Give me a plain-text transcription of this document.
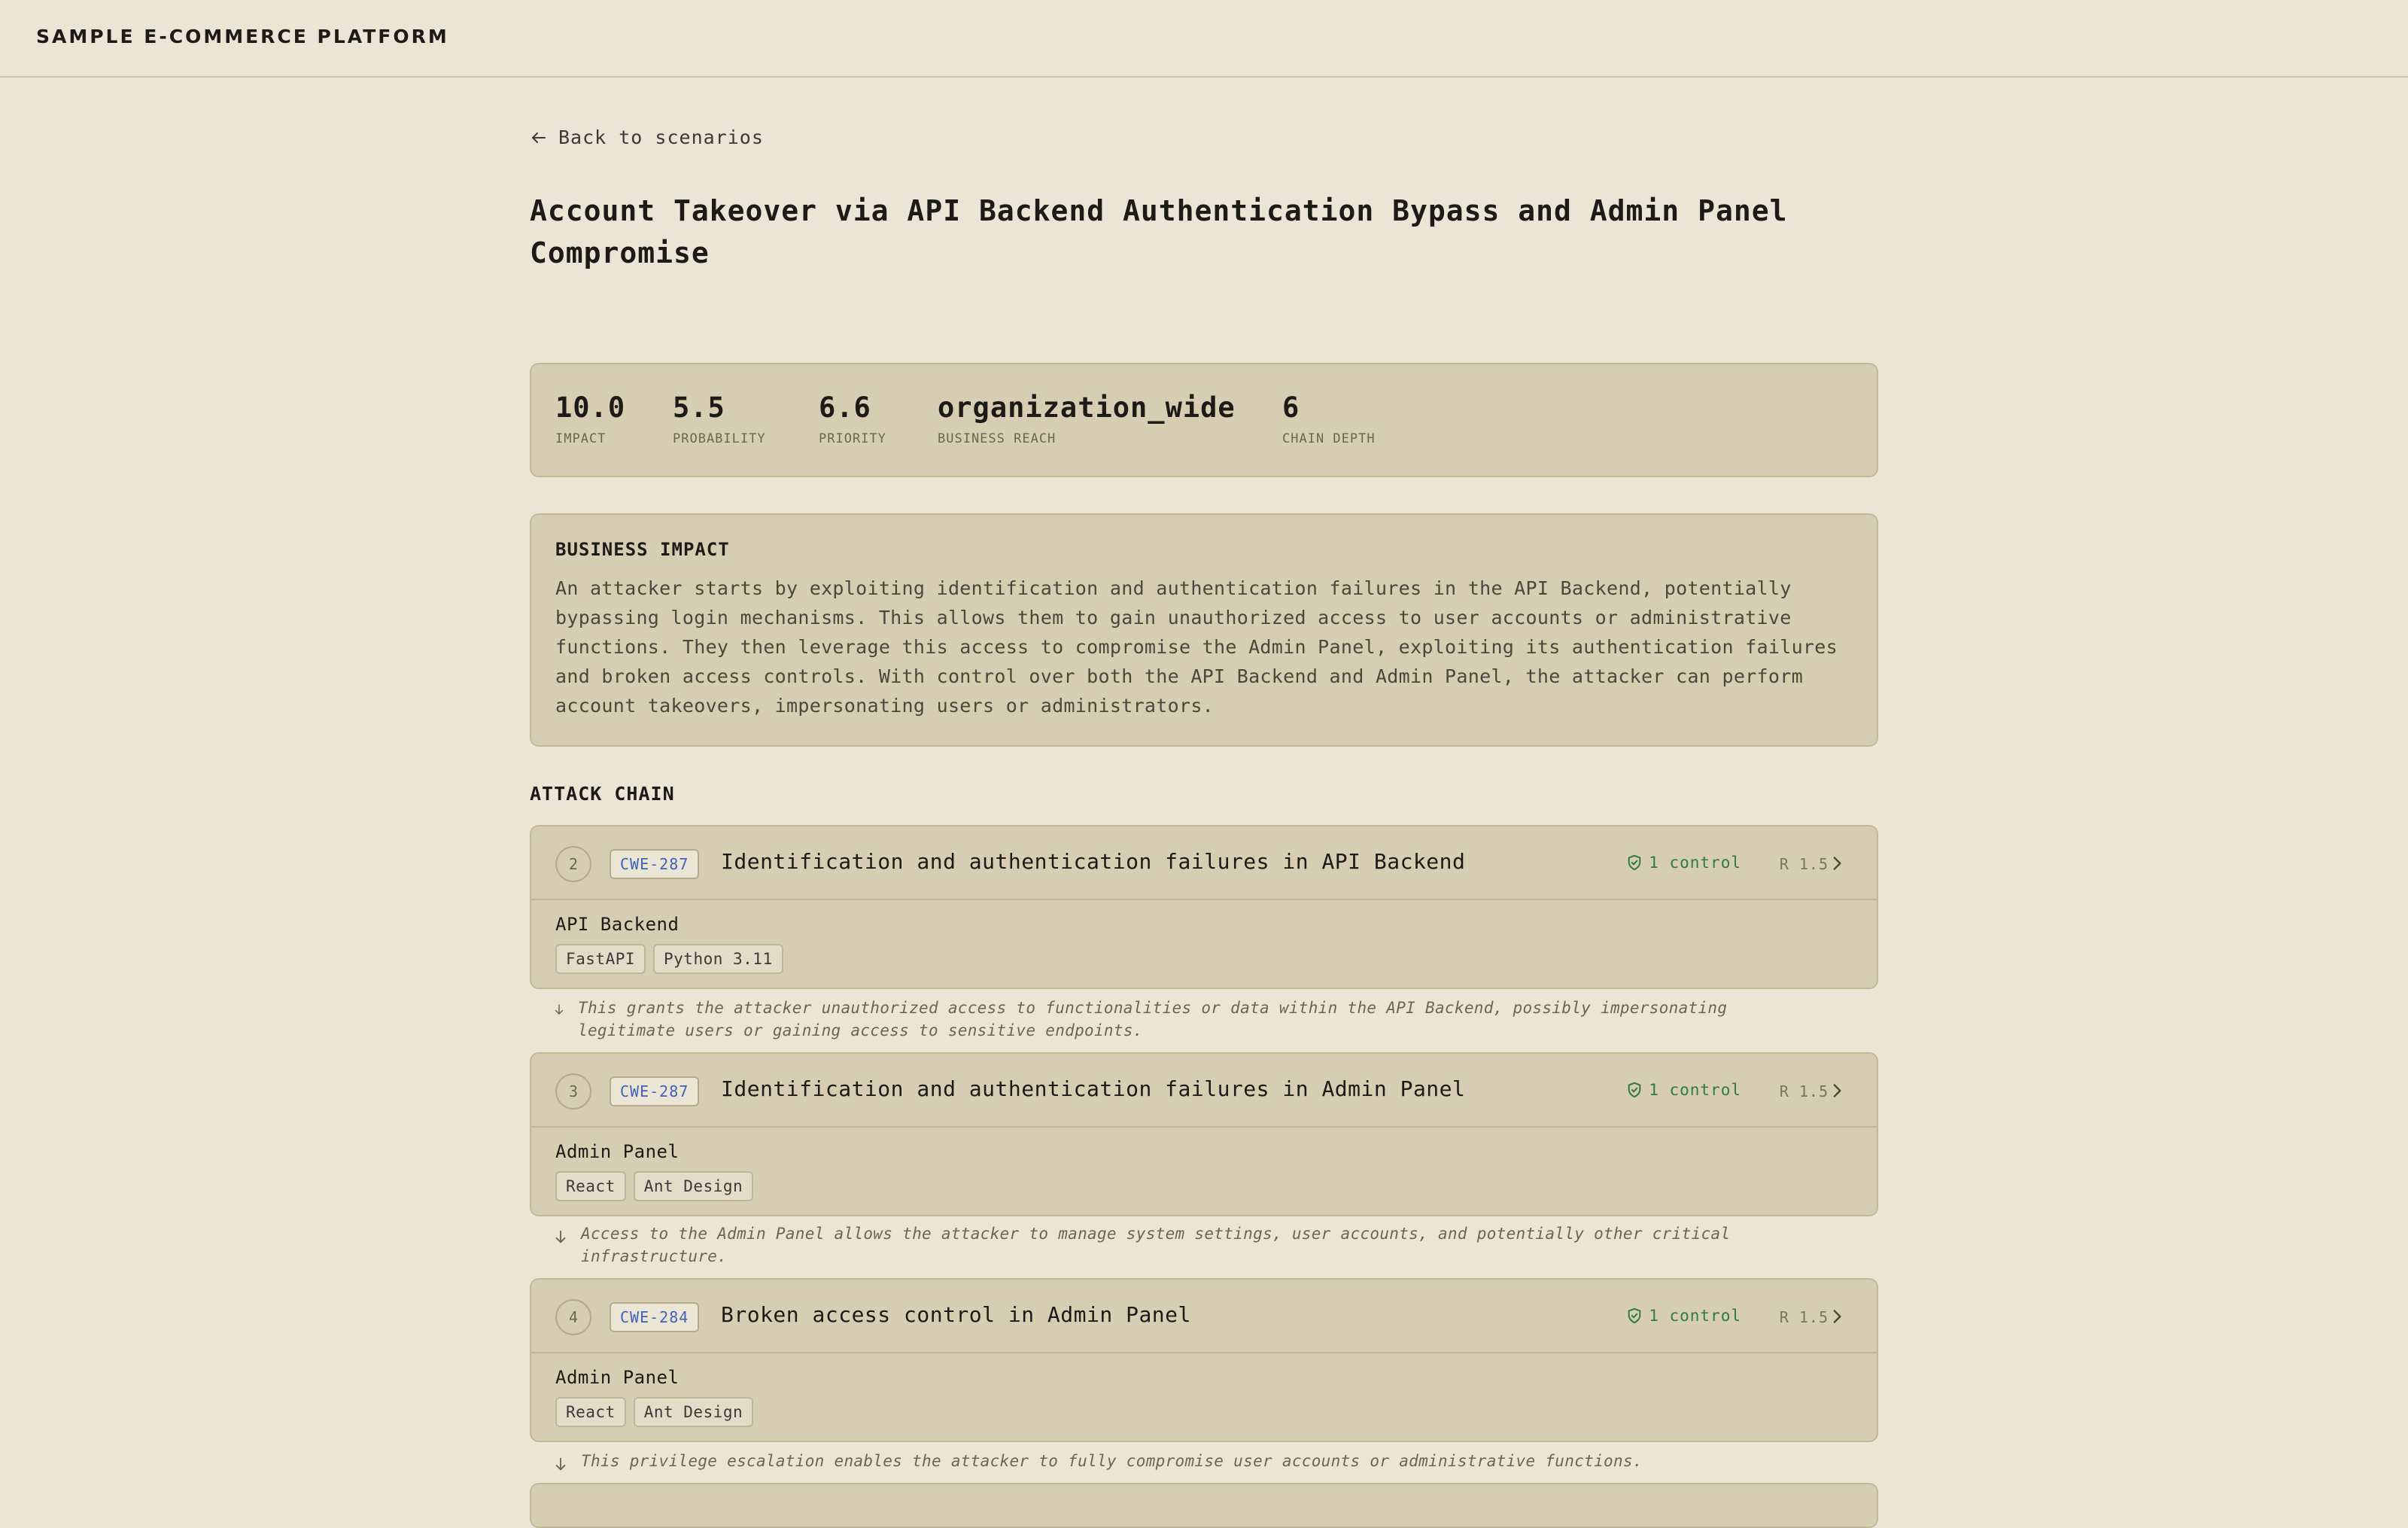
SAMPLE E-COMMERCE PLATFORM
Back to scenarios
Account Takeover via API Backend Authentication Bypass and Admin Panel Compromise
10.0
IMPACT
5.5
PROBABILITY
6.6
PRIORITY
organization_wide
BUSINESS REACH
6
CHAIN DEPTH
BUSINESS IMPACT

An attacker starts by exploiting identification and authentication failures in the API Backend, potentially bypassing login mechanisms. This allows them to gain unauthorized access to user accounts or administrative functions. They then leverage this access to compromise the Admin Panel, exploiting its authentication failures and broken access controls. With control over both the API Backend and Admin Panel, the attacker can perform account takeovers, impersonating users or administrators.

ATTACK CHAIN
2	CWE-287	Identification and authentication failures in API Backend	1 control	R 1.5
API Backend
FastAPI	Python 3.11
This grants the attacker unauthorized access to functionalities or data within the API Backend, possibly impersonating legitimate users or gaining access to sensitive endpoints.
3	CWE-287	Identification and authentication failures in Admin Panel	1 control	R 1.5
Admin Panel
React	Ant Design
Access to the Admin Panel allows the attacker to manage system settings, user accounts, and potentially other critical infrastructure.
4	CWE-284	Broken access control in Admin Panel	1 control	R 1.5
Admin Panel
React	Ant Design
This privilege escalation enables the attacker to fully compromise user accounts or administrative functions.
